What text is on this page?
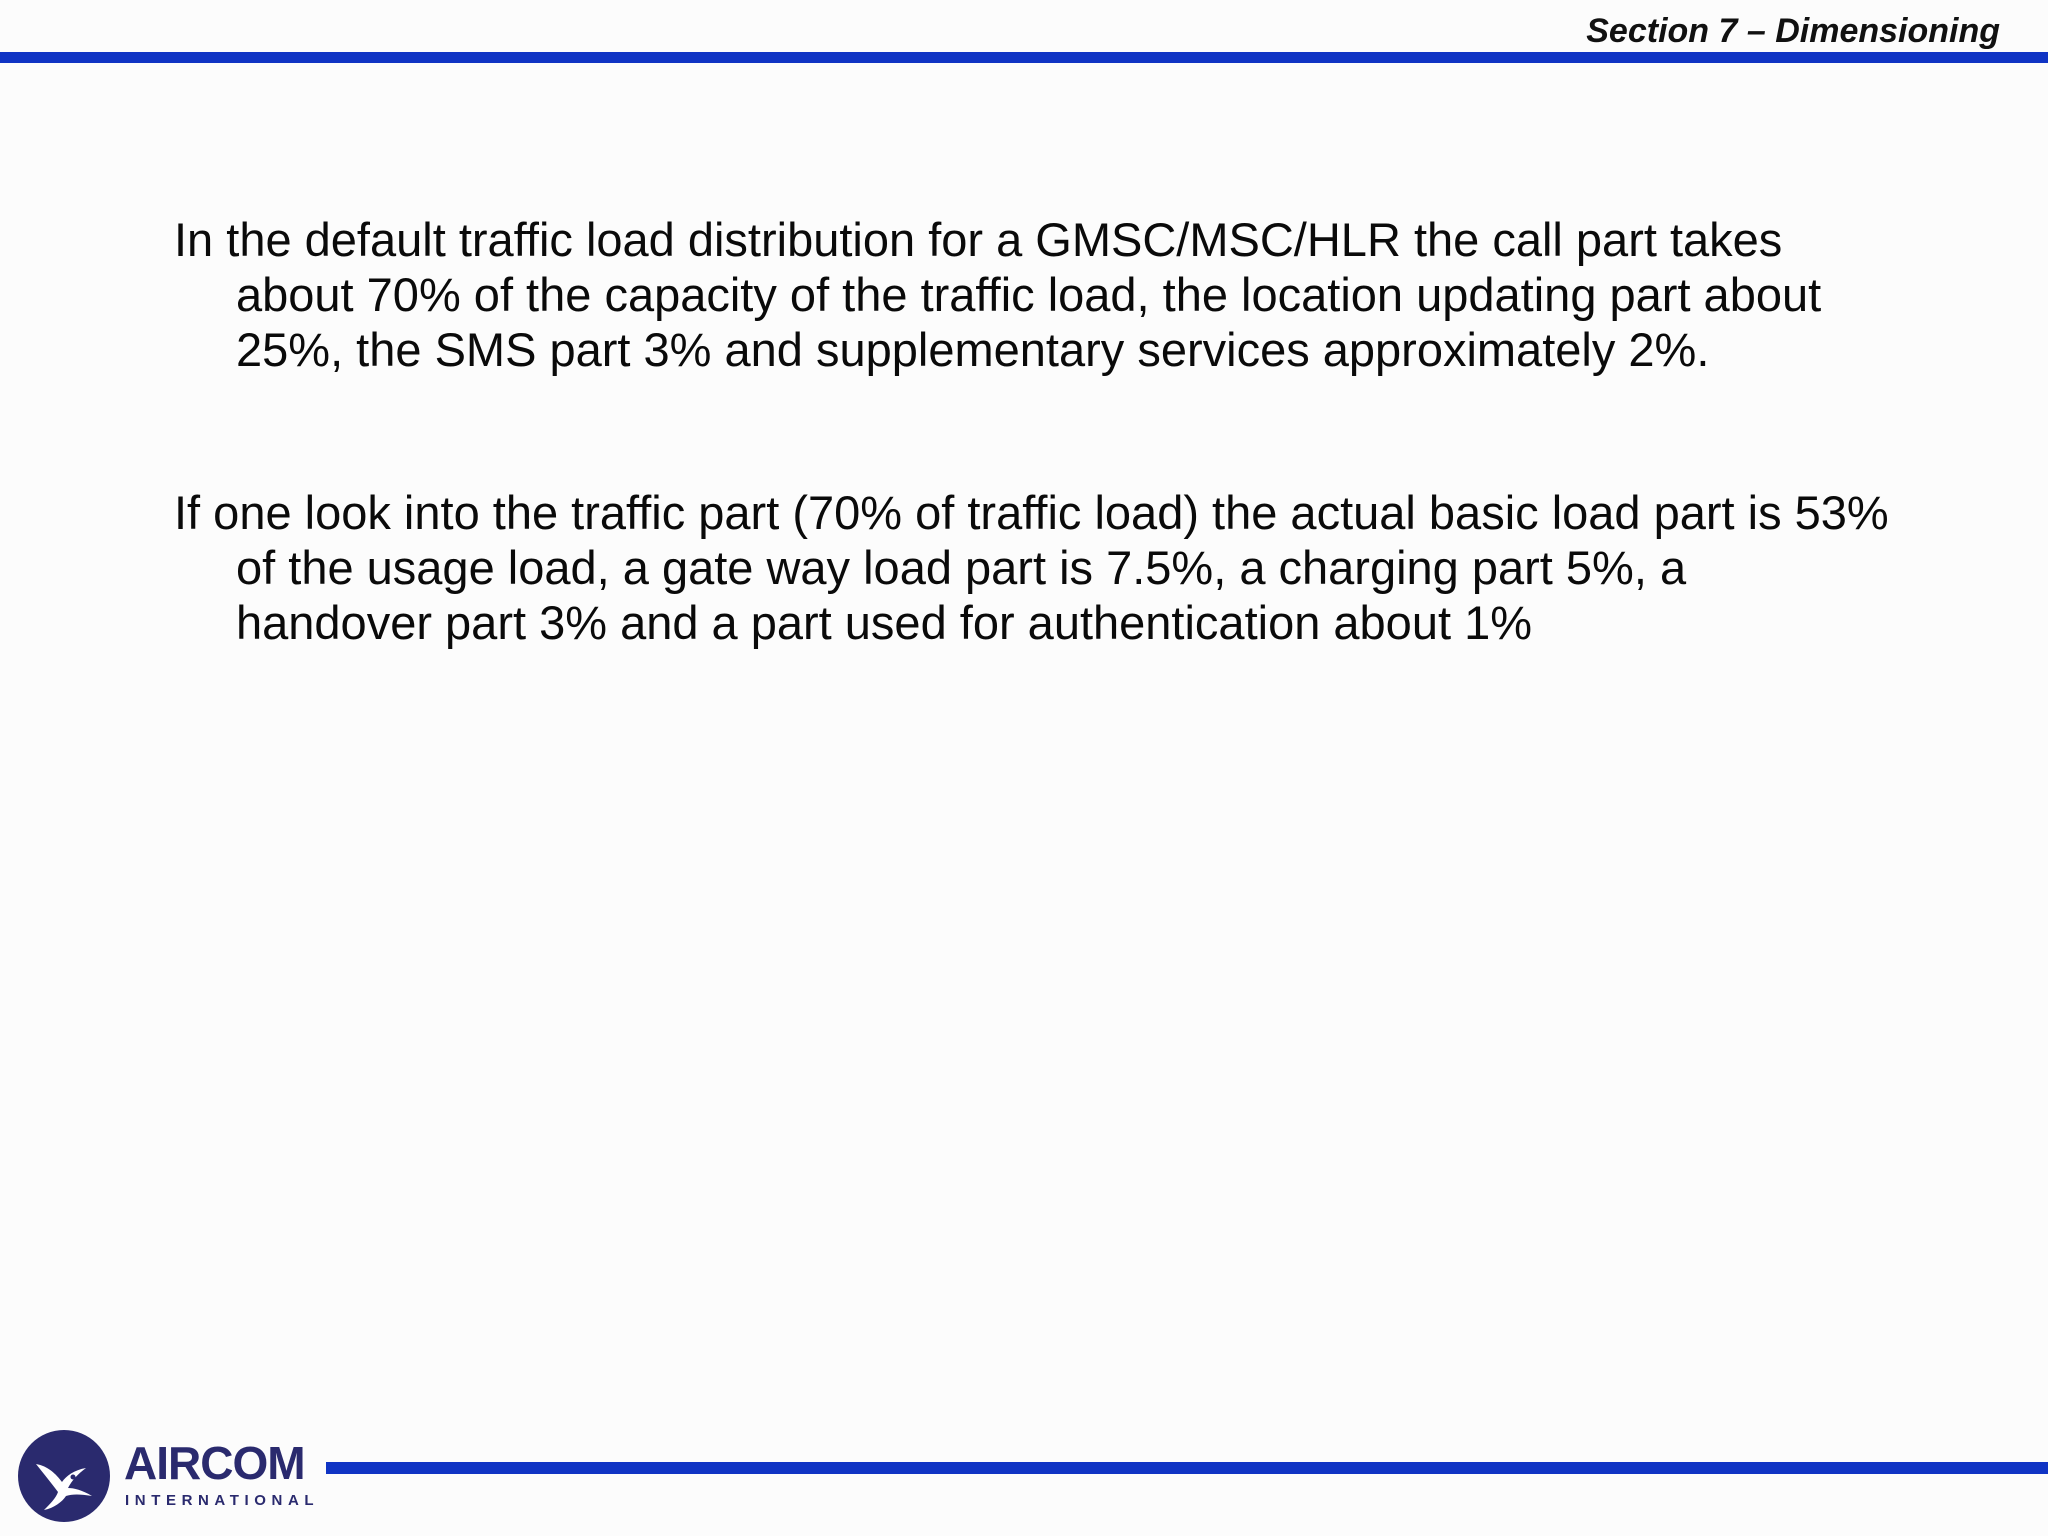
Section 7 – Dimensioning

In the default traffic load distribution for a GMSC/MSC/HLR the call part takes about 70% of the capacity of the traffic load, the location updating part about 25%, the SMS part 3% and supplementary services approximately 2%.

If one look into the traffic part (70% of traffic load) the actual basic load part is 53% of the usage load, a gate way load part is 7.5%, a charging part 5%, a handover part 3% and a part used for authentication about 1%

AIRCOM
INTERNATIONAL
